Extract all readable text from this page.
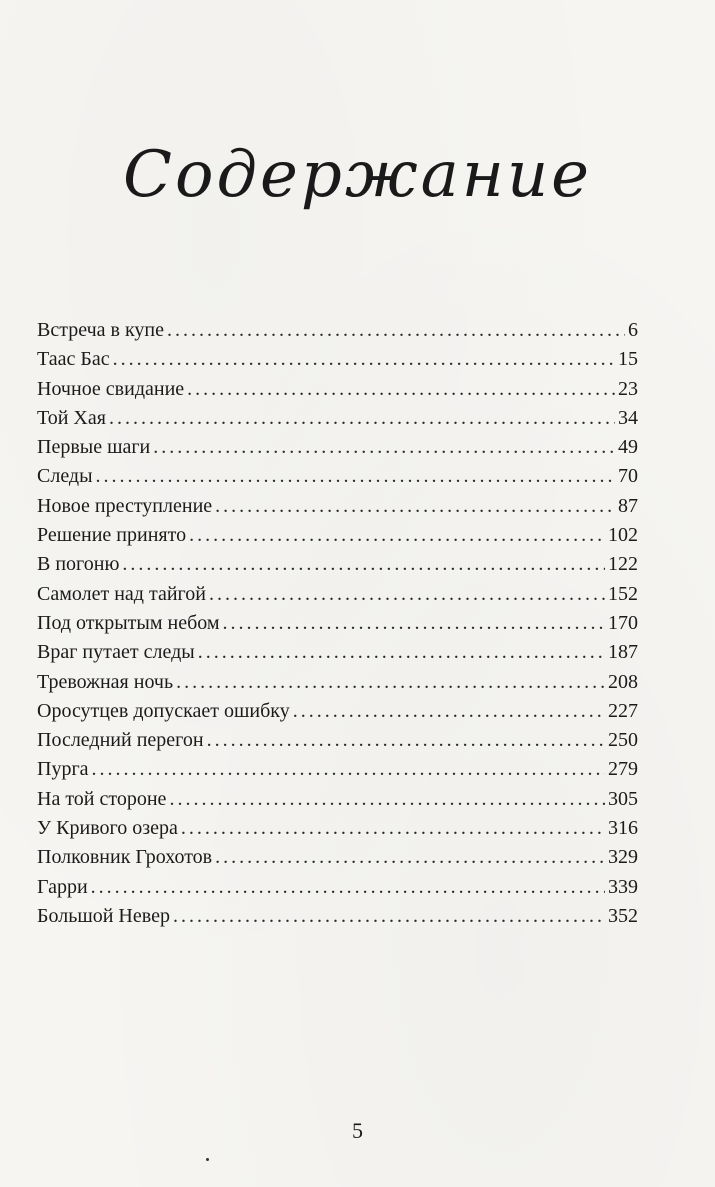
Содержание
Встреча в купе . . .	6
Таас Бас . . .	15
Ночное свидание . . .	23
Той Хая . . .	34
Первые шаги . . .	49
Следы . . .	70
Новое преступление . . .	87
Решение принято . . .	102
В погоню . . .	122
Самолет над тайгой . . .	152
Под открытым небом . . .	170
Враг путает следы . . .	187
Тревожная ночь . . .	208
Оросутцев допускает ошибку . . .	227
Последний перегон . . .	250
Пурга . . .	279
На той стороне . . .	305
У Кривого озера . . .	316
Полковник Грохотов . . .	329
Гарри . . .	339
Большой Невер . . .	352
5
